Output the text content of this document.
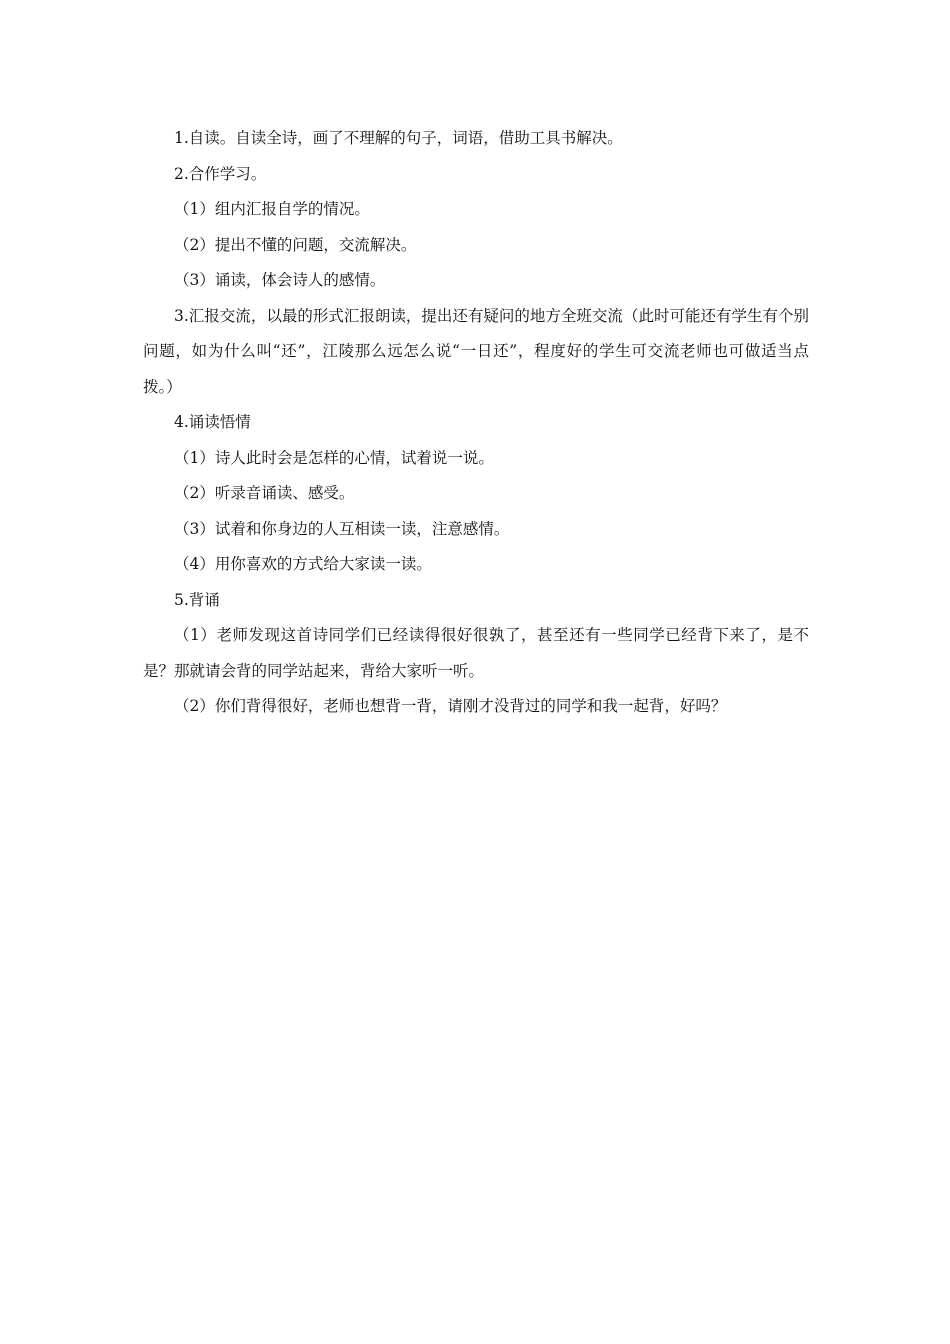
1.自读。自读全诗，画了不理解的句子，词语，借助工具书解决。

2.合作学习。

（1）组内汇报自学的情况。

（2）提出不懂的问题，交流解决。

（3）诵读，体会诗人的感情。

3.汇报交流，以最的形式汇报朗读，提出还有疑问的地方全班交流（此时可能还有学生有个别问题，如为什么叫“还”，江陵那么远怎么说“一日还”，程度好的学生可交流老师也可做适当点拨。）

4.诵读悟情

（1）诗人此时会是怎样的心情，试着说一说。

（2）听录音诵读、感受。

（3）试着和你身边的人互相读一读，注意感情。

（4）用你喜欢的方式给大家读一读。

5.背诵

（1）老师发现这首诗同学们已经读得很好很孰了，甚至还有一些同学已经背下来了，是不是？那就请会背的同学站起来，背给大家听一听。

（2）你们背得很好，老师也想背一背，请刚才没背过的同学和我一起背，好吗？
